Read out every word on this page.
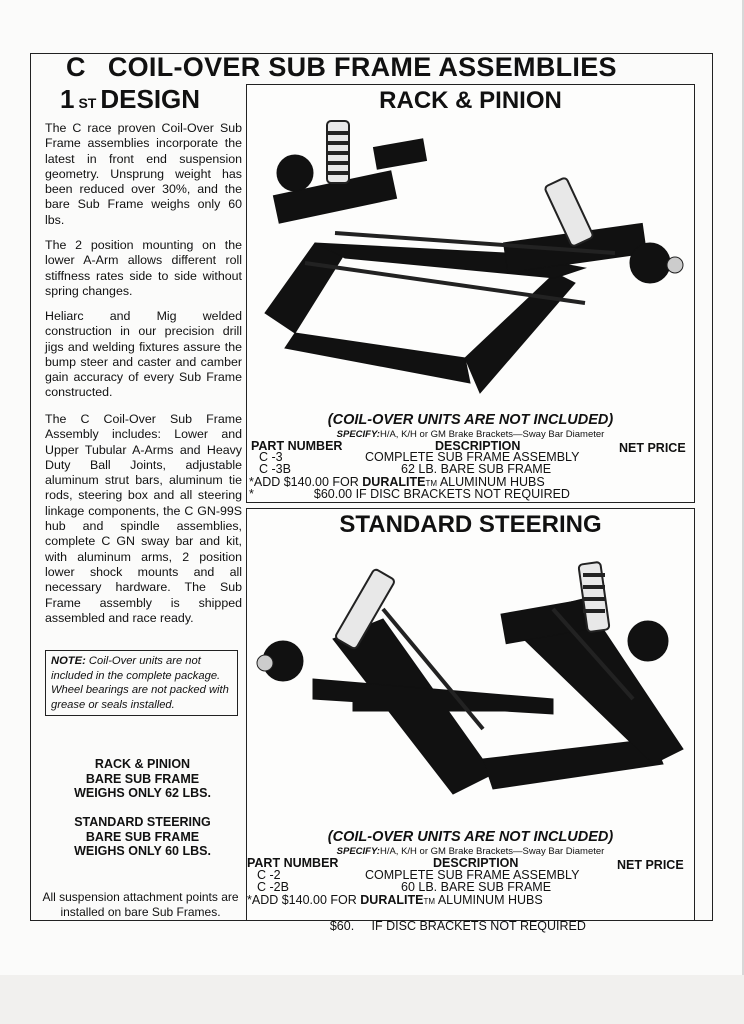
C COIL-OVER SUB FRAME ASSEMBLIES
1 ST DESIGN
The C race proven Coil-Over Sub Frame assemblies incorporate the latest in front end suspension geometry. Unsprung weight has been reduced over 30%, and the bare Sub Frame weighs only 60 lbs.
The 2 position mounting on the lower A-Arm allows different roll stiffness rates side to side without spring changes.
Heliarc and Mig welded construction in our precision drill jigs and welding fixtures assure the bump steer and caster and camber gain accuracy of every Sub Frame constructed.
The C Coil-Over Sub Frame Assembly includes: Lower and Upper Tubular A-Arms and Heavy Duty Ball Joints, adjustable aluminum strut bars, aluminum tie rods, steering box and all steering linkage components, the C GN-99S hub and spindle assemblies, complete C GN sway bar and kit, with aluminum arms, 2 position lower shock mounts and all necessary hardware. The Sub Frame assembly is shipped assembled and race ready.
NOTE: Coil-Over units are not included in the complete package. Wheel bearings are not packed with grease or seals installed.
RACK & PINION
BARE SUB FRAME
WEIGHS ONLY 62 LBS.
STANDARD STEERING
BARE SUB FRAME
WEIGHS ONLY 60 LBS.
All suspension attachment points are installed on bare Sub Frames.
RACK & PINION
(COIL-OVER UNITS ARE NOT INCLUDED)
SPECIFY:H/A, K/H or GM Brake Brackets—Sway Bar Diameter
PART NUMBER	DESCRIPTION	NET PRICE
C -3	COMPLETE SUB FRAME ASSEMBLY
C -3B	62 LB. BARE SUB FRAME
*ADD $140.00 FOR DURALITETM ALUMINUM HUBS
*	$60.00 IF DISC BRACKETS NOT REQUIRED
STANDARD STEERING
(COIL-OVER UNITS ARE NOT INCLUDED)
SPECIFY:H/A, K/H or GM Brake Brackets—Sway Bar Diameter
PART NUMBER	DESCRIPTION	NET PRICE
C -2	COMPLETE SUB FRAME ASSEMBLY
C -2B	60 LB. BARE SUB FRAME
*ADD $140.00 FOR DURALITETM ALUMINUM HUBS

$60.     IF DISC BRACKETS NOT REQUIRED
